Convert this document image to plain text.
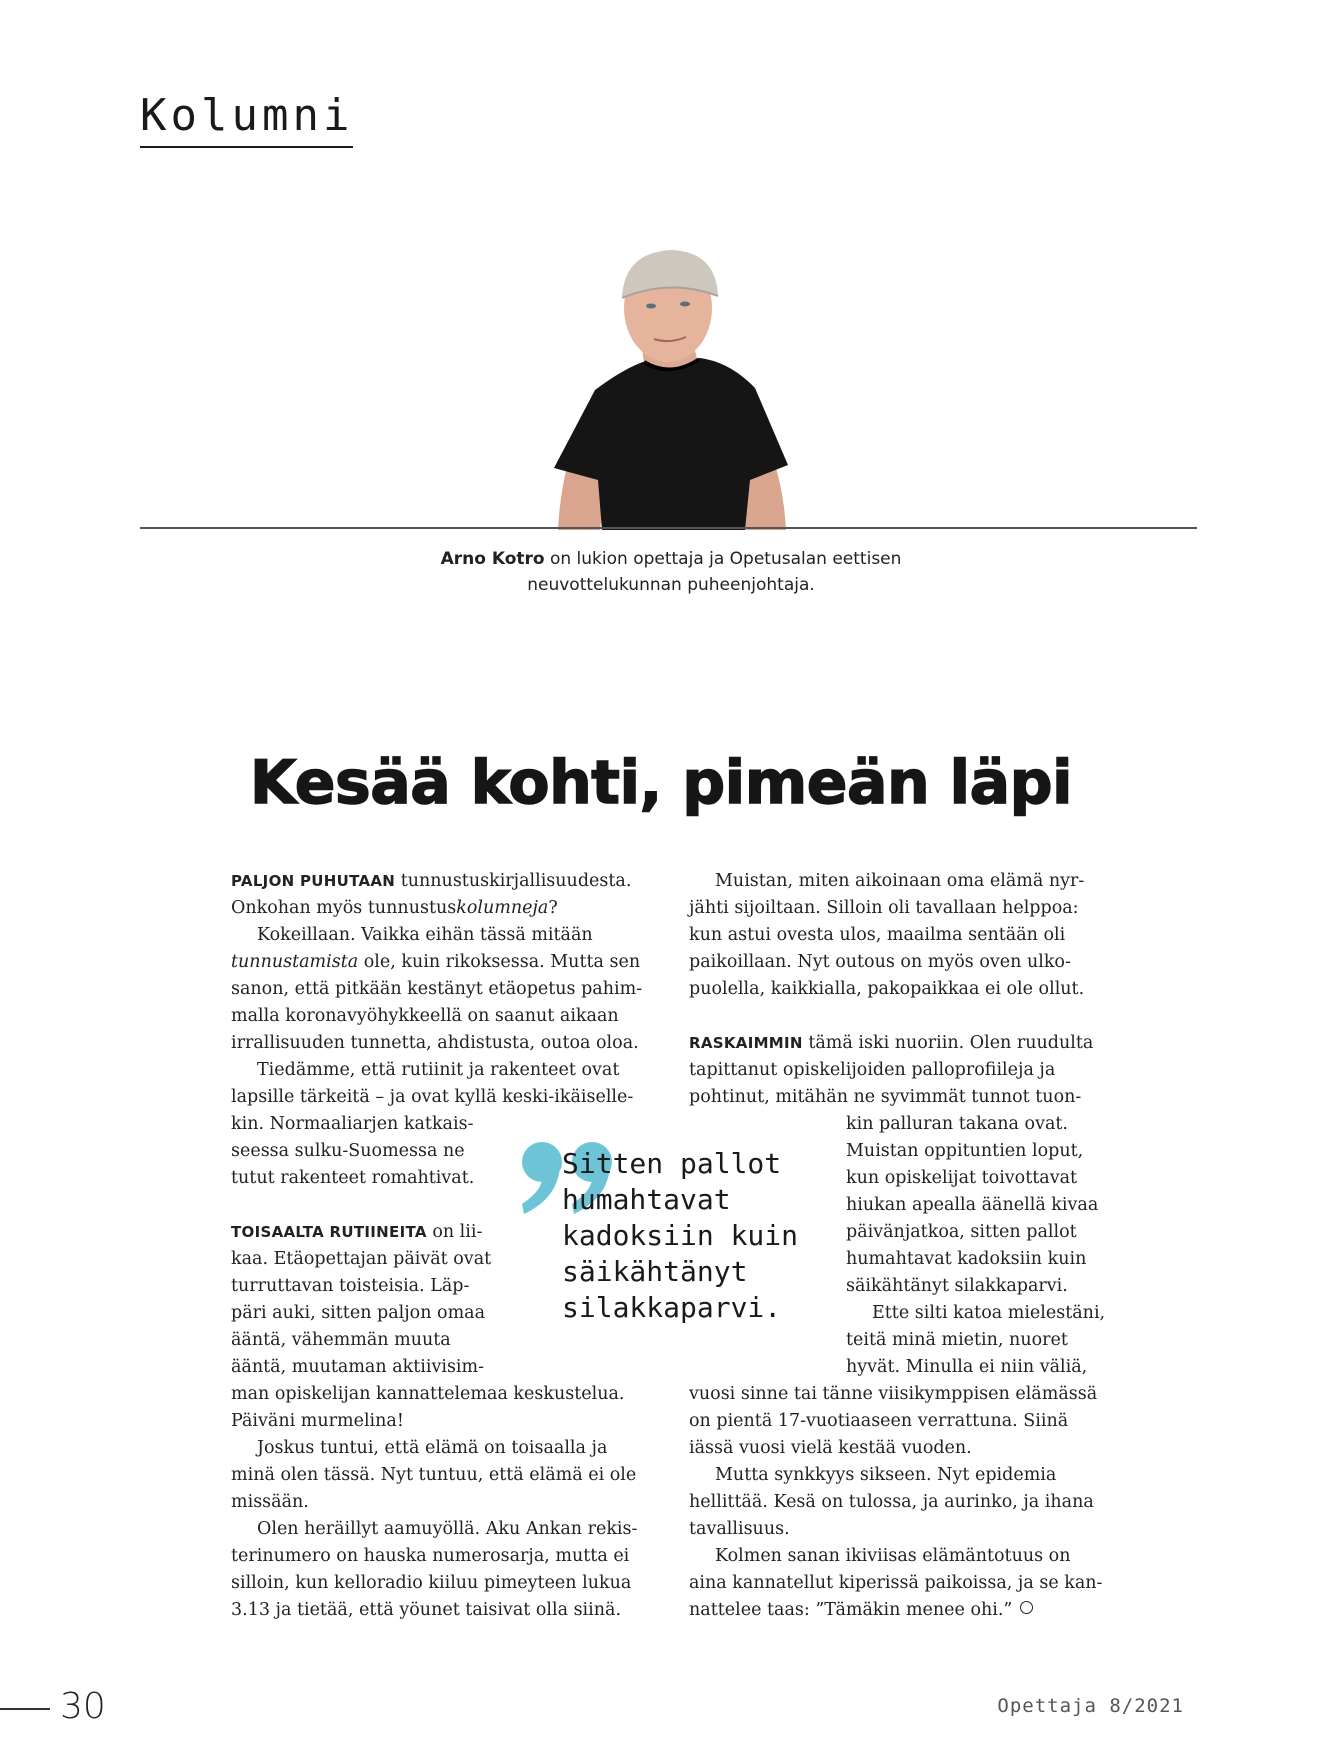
Kolumni
Arno Kotro on lukion opettaja ja Opetusalan eettisen
neuvottelukunnan puheenjohtaja.
Kesää kohti, pimeän läpi
PALJON PUHUTAAN tunnustuskirjallisuudesta.
Onkohan myös tunnustuskolumneja?
Kokeillaan. Vaikka eihän tässä mitään
tunnustamista ole, kuin rikoksessa. Mutta sen
sanon, että pitkään kestänyt etäopetus pahim-
malla koronavyöhykkeellä on saanut aikaan
irrallisuuden tunnetta, ahdistusta, outoa oloa.
Tiedämme, että rutiinit ja rakenteet ovat
lapsille tärkeitä – ja ovat kyllä keski-ikäiselle-
kin. Normaaliarjen katkais-
seessa sulku-Suomessa ne
tutut rakenteet romahtivat.
TOISAALTA RUTIINEITA on lii-
kaa. Etäopettajan päivät ovat
turruttavan toisteisia. Läp-
päri auki, sitten paljon omaa
ääntä, vähemmän muuta
ääntä, muutaman aktiivisim-
man opiskelijan kannattelemaa keskustelua.
Päiväni murmelina!
Joskus tuntui, että elämä on toisaalla ja
minä olen tässä. Nyt tuntuu, että elämä ei ole
missään.
Olen heräillyt aamuyöllä. Aku Ankan rekis-
terinumero on hauska numerosarja, mutta ei
silloin, kun kelloradio kiiluu pimeyteen lukua
3.13 ja tietää, että yöunet taisivat olla siinä.
Sitten pallot
humahtavat
kadoksiin kuin
säikähtänyt
silakkaparvi.
Muistan, miten aikoinaan oma elämä nyr-
jähti sijoiltaan. Silloin oli tavallaan helppoa:
kun astui ovesta ulos, maailma sentään oli
paikoillaan. Nyt outous on myös oven ulko-
puolella, kaikkialla, pakopaikkaa ei ole ollut.
RASKAIMMIN tämä iski nuoriin. Olen ruudulta
tapittanut opiskelijoiden palloprofiileja ja
pohtinut, mitähän ne syvimmät tunnot tuon-
kin palluran takana ovat.
Muistan oppituntien loput,
kun opiskelijat toivottavat
hiukan apealla äänellä kivaa
päivänjatkoa, sitten pallot
humahtavat kadoksiin kuin
säikähtänyt silakkaparvi.
Ette silti katoa mielestäni,
teitä minä mietin, nuoret
hyvät. Minulla ei niin väliä,
vuosi sinne tai tänne viisikymppisen elämässä
on pientä 17-vuotiaaseen verrattuna. Siinä
iässä vuosi vielä kestää vuoden.
Mutta synkkyys sikseen. Nyt epidemia
hellittää. Kesä on tulossa, ja aurinko, ja ihana
tavallisuus.
Kolmen sanan ikiviisas elämäntotuus on
aina kannatellut kiperissä paikoissa, ja se kan-
nattelee taas: ”Tämäkin menee ohi.”
30	Opettaja 8/2021
